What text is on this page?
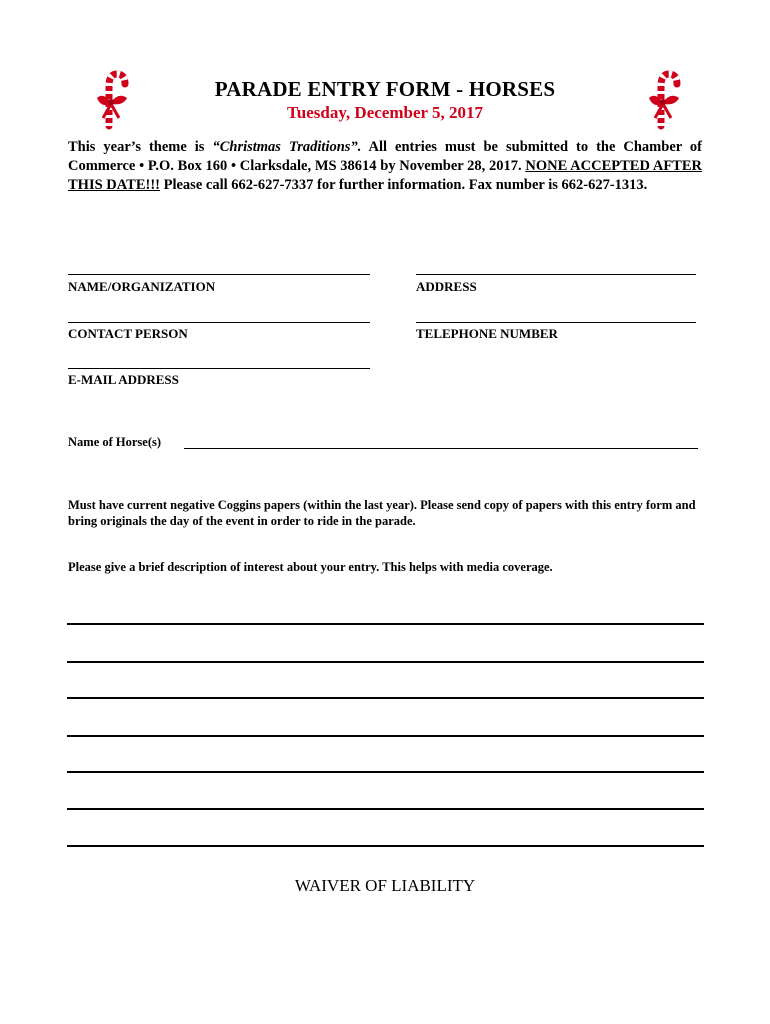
PARADE ENTRY FORM - HORSES
Tuesday, December 5, 2017
This year’s theme is “Christmas Traditions”. All entries must be submitted to the Chamber of Commerce • P.O. Box 160 • Clarksdale, MS 38614 by November 28, 2017. NONE ACCEPTED AFTER THIS DATE!!! Please call 662-627-7337 for further information. Fax number is 662-627-1313.
NAME/ORGANIZATION	ADDRESS
CONTACT PERSON	TELEPHONE NUMBER
E-MAIL ADDRESS
Name of Horse(s)
Must have current negative Coggins papers (within the last year). Please send copy of papers with this entry form and bring originals the day of the event in order to ride in the parade.
Please give a brief description of interest about your entry. This helps with media coverage.
WAIVER OF LIABILITY
